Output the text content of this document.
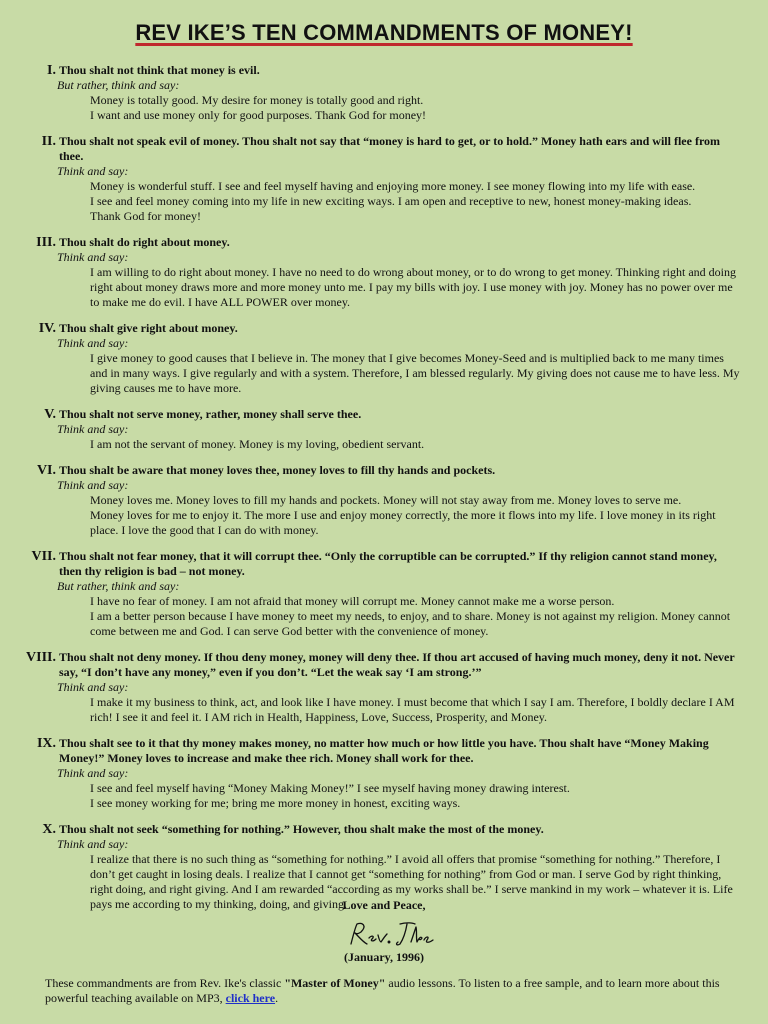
REV IKE’S TEN COMMANDMENTS OF MONEY!
I. Thou shalt not think that money is evil.
But rather, think and say:
Money is totally good. My desire for money is totally good and right.
I want and use money only for good purposes. Thank God for money!
II. Thou shalt not speak evil of money. Thou shalt not say that “money is hard to get, or to hold.” Money hath ears and will flee from thee.
Think and say:
Money is wonderful stuff. I see and feel myself having and enjoying more money. I see money flowing into my life with ease.
I see and feel money coming into my life in new exciting ways. I am open and receptive to new, honest money-making ideas.
Thank God for money!
III. Thou shalt do right about money.
Think and say:
I am willing to do right about money. I have no need to do wrong about money, or to do wrong to get money. Thinking right and doing right about money draws more and more money unto me. I pay my bills with joy. I use money with joy. Money has no power over me to make me do evil. I have ALL POWER over money.
IV. Thou shalt give right about money.
Think and say:
I give money to good causes that I believe in. The money that I give becomes Money-Seed and is multiplied back to me many times and in many ways. I give regularly and with a system. Therefore, I am blessed regularly. My giving does not cause me to have less. My giving causes me to have more.
V. Thou shalt not serve money, rather, money shall serve thee.
Think and say:
I am not the servant of money. Money is my loving, obedient servant.
VI. Thou shalt be aware that money loves thee, money loves to fill thy hands and pockets.
Think and say:
Money loves me. Money loves to fill my hands and pockets. Money will not stay away from me. Money loves to serve me.
Money loves for me to enjoy it. The more I use and enjoy money correctly, the more it flows into my life. I love money in its right place. I love the good that I can do with money.
VII. Thou shalt not fear money, that it will corrupt thee. “Only the corruptible can be corrupted.” If thy religion cannot stand money, then thy religion is bad – not money.
But rather, think and say:
I have no fear of money. I am not afraid that money will corrupt me. Money cannot make me a worse person.
I am a better person because I have money to meet my needs, to enjoy, and to share. Money is not against my religion. Money cannot come between me and God. I can serve God better with the convenience of money.
VIII. Thou shalt not deny money. If thou deny money, money will deny thee. If thou art accused of having much money, deny it not. Never say, “I don’t have any money,” even if you don’t. “Let the weak say ‘I am strong.’”
Think and say:
I make it my business to think, act, and look like I have money. I must become that which I say I am. Therefore, I boldly declare I AM rich! I see it and feel it. I AM rich in Health, Happiness, Love, Success, Prosperity, and Money.
IX. Thou shalt see to it that thy money makes money, no matter how much or how little you have. Thou shalt have “Money Making Money!” Money loves to increase and make thee rich. Money shall work for thee.
Think and say:
I see and feel myself having “Money Making Money!” I see myself having money drawing interest.
I see money working for me; bring me more money in honest, exciting ways.
X. Thou shalt not seek “something for nothing.” However, thou shalt make the most of the money.
Think and say:
I realize that there is no such thing as “something for nothing.” I avoid all offers that promise “something for nothing.” Therefore, I don’t get caught in losing deals. I realize that I cannot get “something for nothing” from God or man. I serve God by right thinking, right doing, and right giving. And I am rewarded “according as my works shall be.” I serve mankind in my work – whatever it is. Life pays me according to my thinking, doing, and giving.
Love and Peace,
(January, 1996)
These commandments are from Rev. Ike's classic "Master of Money" audio lessons. To listen to a free sample, and to learn more about this powerful teaching available on MP3, click here.
